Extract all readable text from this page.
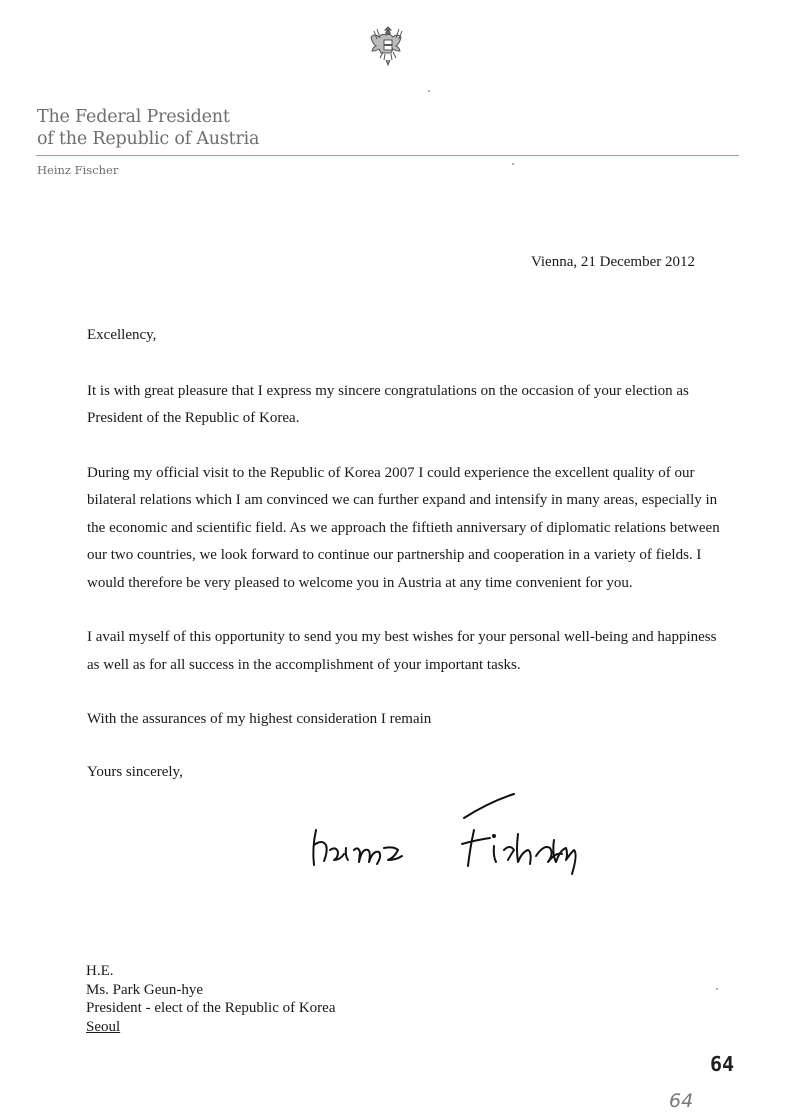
The Federal President
of the Republic of Austria
Heinz Fischer
Vienna, 21 December 2012

Excellency,

It is with great pleasure that I express my sincere congratulations on the occasion of your election as President of the Republic of Korea.

During my official visit to the Republic of Korea 2007 I could experience the excellent quality of our bilateral relations which I am convinced we can further expand and intensify in many areas, especially in the economic and scientific field. As we approach the fiftieth anniversary of diplomatic relations between our two countries, we look forward to continue our partnership and cooperation in a variety of fields. I would therefore be very pleased to welcome you in Austria at any time convenient for you.

I avail myself of this opportunity to send you my best wishes for your personal well-being and happiness as well as for all success in the accomplishment of your important tasks.

With the assurances of my highest consideration I remain

Yours sincerely,

H.E.
Ms. Park Geun-hye
President - elect of the Republic of Korea
Seoul
64
64
